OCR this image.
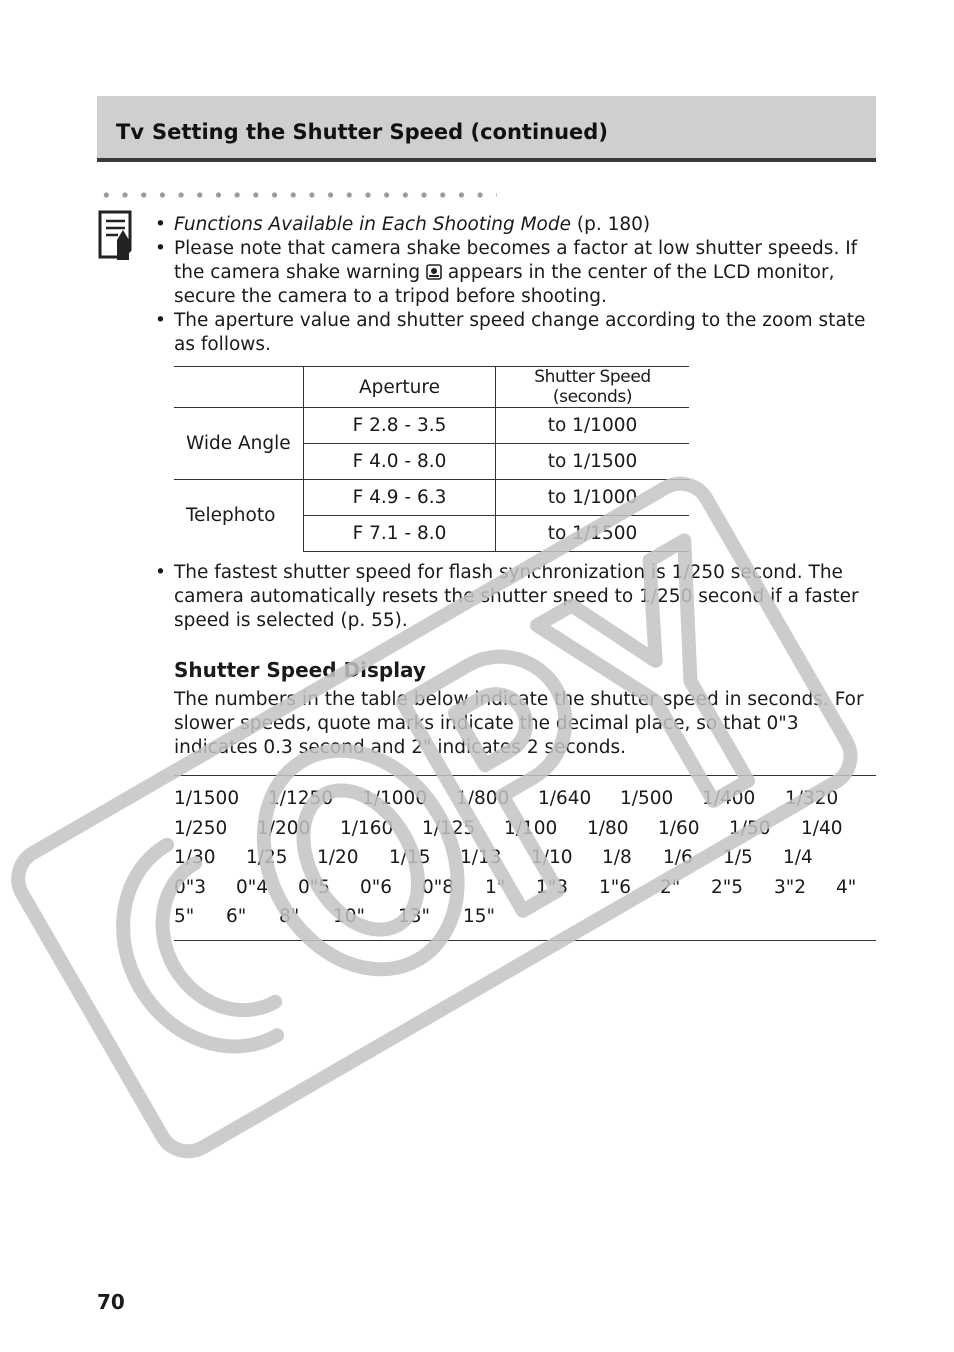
Tv Setting the Shutter Speed (continued)
• Functions Available in Each Shooting Mode (p. 180)
• Please note that camera shake becomes a factor at low shutter speeds. If the camera shake warning  appears in the center of the LCD monitor, secure the camera to a tripod before shooting.
• The aperture value and shutter speed change according to the zoom state as follows.
	Aperture	Shutter Speed (seconds)
Wide Angle	F 2.8 - 3.5	to 1/1000
	F 4.0 - 8.0	to 1/1500
Telephoto	F 4.9 - 6.3	to 1/1000
	F 7.1 - 8.0	to 1/1500
• The fastest shutter speed for flash synchronization is 1/250 second. The camera automatically resets the shutter speed to 1/250 second if a faster speed is selected (p. 55).
Shutter Speed Display
The numbers in the table below indicate the shutter speed in seconds. For slower speeds, quote marks indicate the decimal place, so that 0"3 indicates 0.3 second and 2" indicates 2 seconds.
1/1500 1/1250 1/1000 1/800 1/640 1/500 1/400 1/320
1/250 1/200 1/160 1/125 1/100 1/80 1/60 1/50 1/40
1/30 1/25 1/20 1/15 1/13 1/10 1/8 1/6 1/5 1/4
0"3 0"4 0"5 0"6 0"8 1" 1"3 1"6 2" 2"5 3"2 4"
5" 6" 8" 10" 13" 15"
70
